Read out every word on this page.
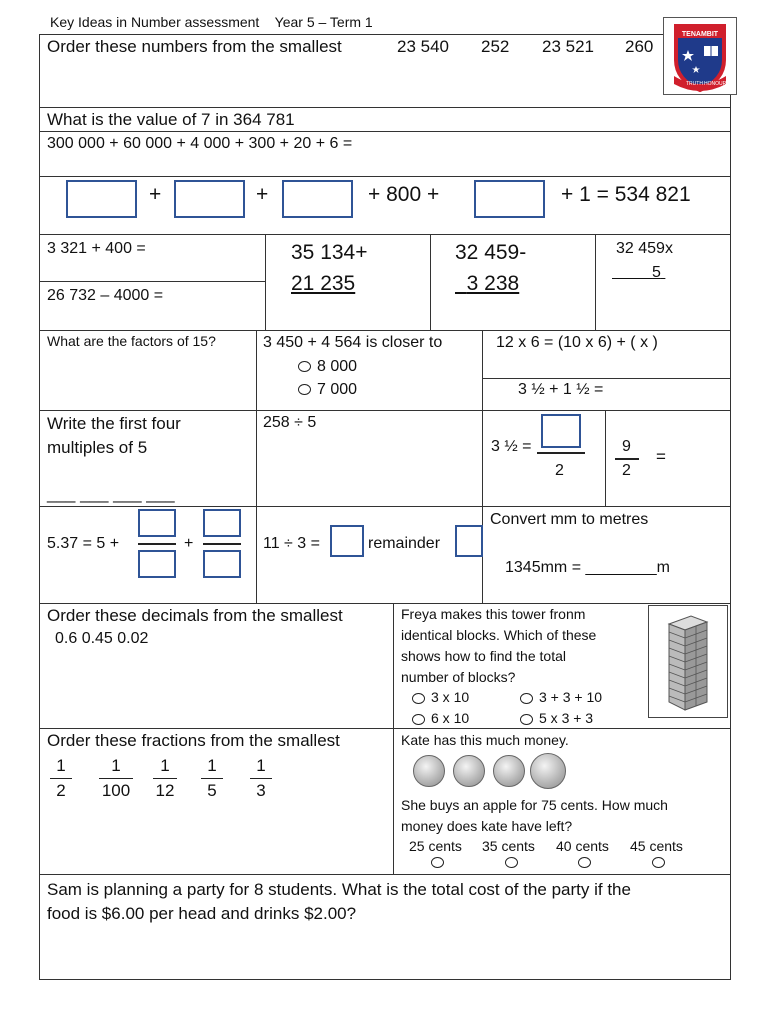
Key Ideas in Number assessment Year 5 – Term 1
Order these numbers from the smallest	23 540 252 23 521 260
TENAMBIT
TRUTH HONOUR
What is the value of 7 in 364 781
300 000 + 60 000 + 4 000 + 300 + 20 + 6 =
+	+	+ 800 +	+ 1 = 534 821
3 321 + 400 =
26 732 – 4000 =
35 134+
21 235
32 459-
3 238
32 459x
5
What are the factors of 15?	3 450 + 4 564 is closer to
8 000
7 000
12 x 6 = (10 x 6) + ( x )
3 ½ + 1 ½ =
Write the first four
multiples of 5
___ ___ ___ ___
258 ÷ 5
3 ½ =
2
9
2
=
5.37 = 5 +	+	11 ÷ 3 =	remainder
Convert mm to metres
1345mm = ________m
Order these decimals from the smallest
0.6 0.45 0.02
Freya makes this tower fronm
identical blocks. Which of these
shows how to find the total
number of blocks?
3 x 10	3 + 3 + 10
6 x 10	5 x 3 + 3
Order these fractions from the smallest
1
2
1
100
1
12
1
5
1
3
Kate has this much money.
She buys an apple for 75 cents. How much
money does kate have left?
25 cents 35 cents 40 cents 45 cents
Sam is planning a party for 8 students. What is the total cost of the party if the
food is $6.00 per head and drinks $2.00?
